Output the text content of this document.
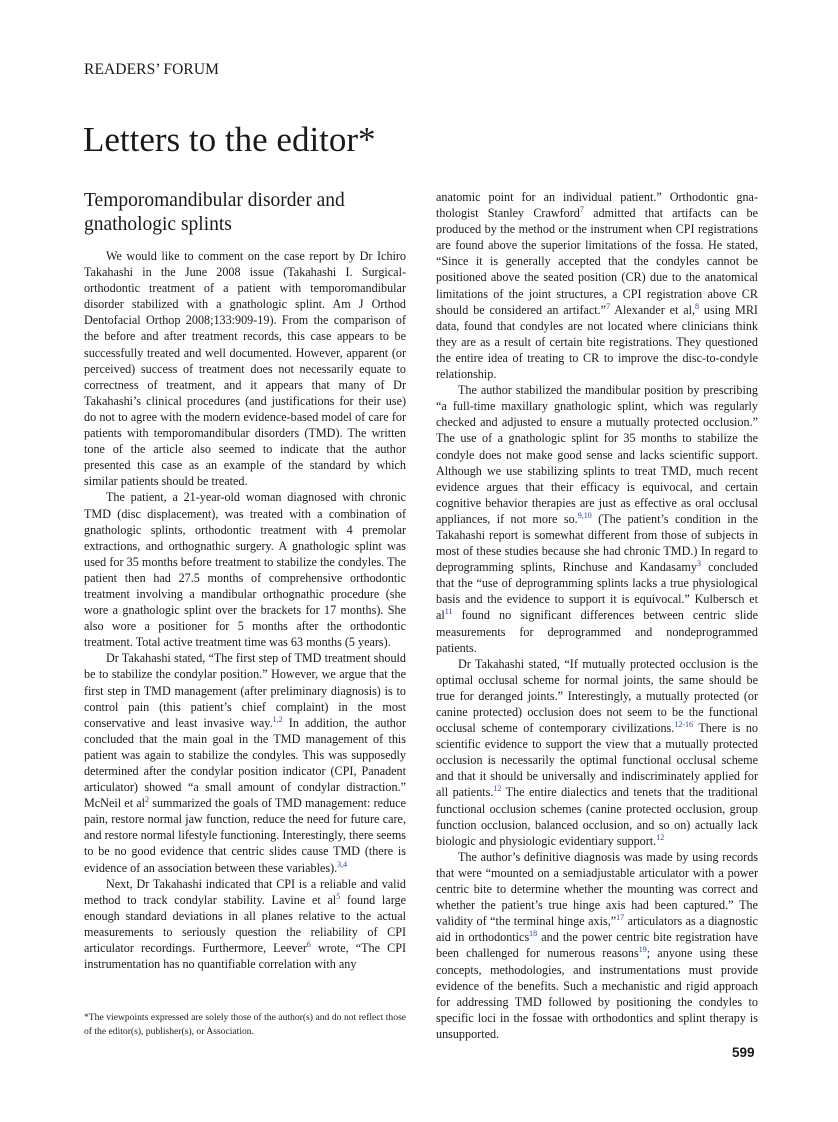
READERS’ FORUM
Letters to the editor*
Temporomandibular disorder and gnathologic splints

We would like to comment on the case report by Dr Ichiro Takahashi in the June 2008 issue (Takahashi I. Surgical-orthodontic treatment of a patient with temporomandibular disorder stabilized with a gnathologic splint. Am J Orthod Dentofacial Orthop 2008;133:909-19). From the comparison of the before and after treatment records, this case appears to be successfully treated and well documented. However, apparent (or perceived) success of treatment does not necessarily equate to correctness of treatment, and it appears that many of Dr Takahashi’s clinical procedures (and justifications for their use) do not to agree with the modern evidence-based model of care for patients with temporomandibular disorders (TMD). The written tone of the article also seemed to indicate that the author presented this case as an example of the standard by which similar patients should be treated.

The patient, a 21-year-old woman diagnosed with chronic TMD (disc displacement), was treated with a combination of gnathologic splints, orthodontic treatment with 4 premolar extractions, and orthognathic surgery. A gnathologic splint was used for 35 months before treatment to stabilize the condyles. The patient then had 27.5 months of comprehensive orthodontic treatment involving a mandibular orthognathic procedure (she wore a gnathologic splint over the brackets for 17 months). She also wore a positioner for 5 months after the orthodontic treatment. Total active treatment time was 63 months (5 years).

Dr Takahashi stated, “The first step of TMD treatment should be to stabilize the condylar position.” However, we argue that the first step in TMD management (after preliminary diagnosis) is to control pain (this patient’s chief complaint) in the most conservative and least invasive way.$^{1,2}$ In addition, the author concluded that the main goal in the TMD management of this patient was again to stabilize the condyles. This was supposedly determined after the condylar position indicator (CPI, Panadent articulator) showed “a small amount of condylar distraction.” McNeil et $al^2$ summarized the goals of TMD management: reduce pain, restore normal jaw function, reduce the need for future care, and restore normal lifestyle functioning. Interestingly, there seems to be no good evidence that centric slides cause TMD (there is evidence of an association between these variables).$^{3,4}$

Next, Dr Takahashi indicated that CPI is a reliable and valid method to track condylar stability. Lavine et $al^5$ found large enough standard deviations in all planes relative to the actual measurements to seriously question the reliability of CPI articulator recordings. Furthermore, Leever$^6$ wrote, “The CPI instrumentation has no quantifiable correlation with any

anatomic point for an individual patient.” Orthodontic gnathologist Stanley Crawford$^7$ admitted that artifacts can be produced by the method or the instrument when CPI registrations are found above the superior limitations of the fossa. He stated, “Since it is generally accepted that the condyles cannot be positioned above the seated position (CR) due to the anatomical limitations of the joint structures, a CPI registration above CR should be considered an artifact.”$^7$ Alexander et al,$^8$ using MRI data, found that condyles are not located where clinicians think they are as a result of certain bite registrations. They questioned the entire idea of treating to CR to improve the disc-to-condyle relationship.

The author stabilized the mandibular position by prescribing “a full-time maxillary gnathologic splint, which was regularly checked and adjusted to ensure a mutually protected occlusion.” The use of a gnathologic splint for 35 months to stabilize the condyle does not make good sense and lacks scientific support. Although we use stabilizing splints to treat TMD, much recent evidence argues that their efficacy is equivocal, and certain cognitive behavior therapies are just as effective as oral occlusal appliances, if not more so.$^{9,10}$ (The patient’s condition in the Takahashi report is somewhat different from those of subjects in most of these studies because she had chronic TMD.) In regard to deprogramming splints, Rinchuse and Kandasamy$^3$ concluded that the “use of deprogramming splints lacks a true physiological basis and the evidence to support it is equivocal.” Kulbersch et $al^{11}$ found no significant differences between centric slide measurements for deprogrammed and nondeprogrammed patients.

Dr Takahashi stated, “If mutually protected occlusion is the optimal occlusal scheme for normal joints, the same should be true for deranged joints.” Interestingly, a mutually protected (or canine protected) occlusion does not seem to be the functional occlusal scheme of contemporary civilizations.$^{12-16}$ There is no scientific evidence to support the view that a mutually protected occlusion is necessarily the optimal functional occlusal scheme and that it should be universally and indiscriminately applied for all patients.$^{12}$ The entire dialectics and tenets that the traditional functional occlusion schemes (canine protected occlusion, group function occlusion, balanced occlusion, and so on) actually lack biologic and physiologic evidentiary support.$^{12}$

The author’s definitive diagnosis was made by using records that were “mounted on a semiadjustable articulator with a power centric bite to determine whether the mounting was correct and whether the patient’s true hinge axis had been captured.” The validity of “the terminal hinge axis,”$^{17}$ articulators as a diagnostic aid in orthodontics$^{18}$ and the power centric bite registration have been challenged for numerous reasons$^{19}$; anyone using these concepts, methodologies, and instrumentations must provide evidence of the benefits. Such a mechanistic and rigid approach for addressing TMD followed by positioning the condyles to specific loci in the fossae with orthodontics and splint therapy is unsupported.

*The viewpoints expressed are solely those of the author(s) and do not reflect those of the editor(s), publisher(s), or Association.
599
